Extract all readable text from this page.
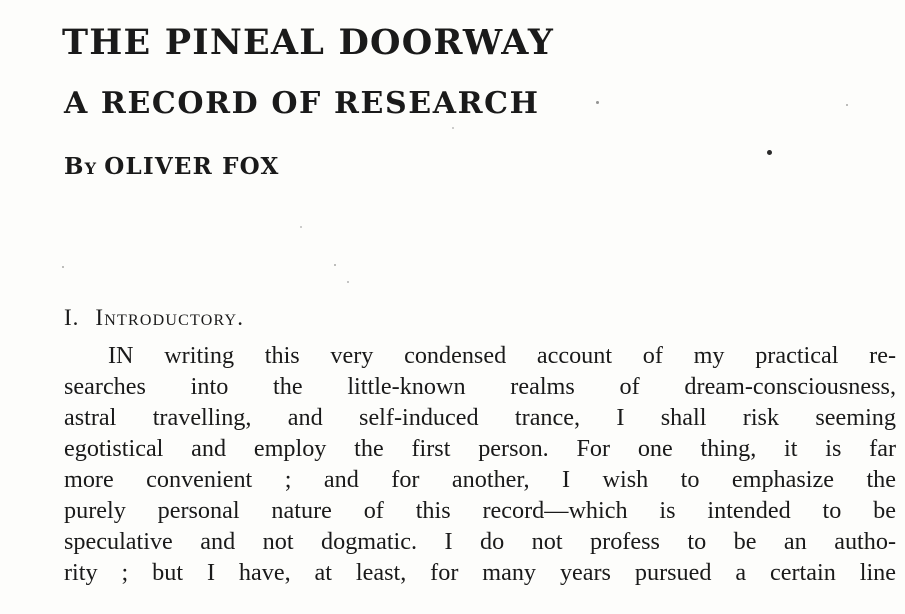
THE PINEAL DOORWAY
A RECORD OF RESEARCH

By OLIVER FOX

I. Introductory.

IN writing this very condensed account of my practical re-
searches into the little-known realms of dream-consciousness,
astral travelling, and self-induced trance, I shall risk seeming
egotistical and employ the first person. For one thing, it is far
more convenient ; and for another, I wish to emphasize the
purely personal nature of this record—which is intended to be
speculative and not dogmatic. I do not profess to be an autho-
rity ; but I have, at least, for many years pursued a certain line
